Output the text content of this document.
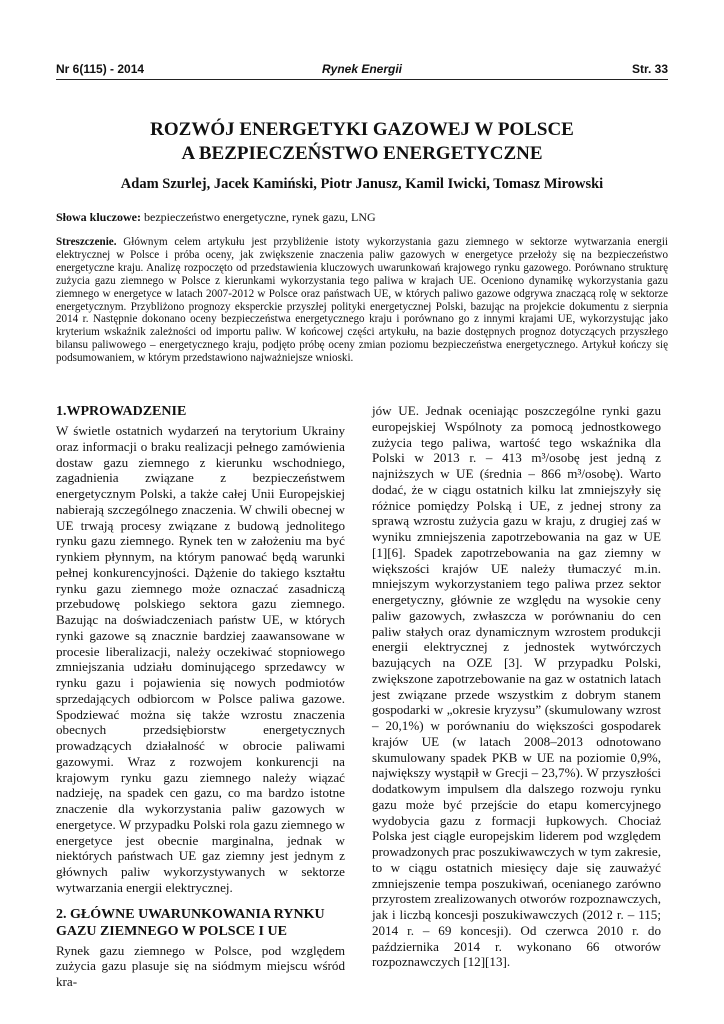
Nr 6(115) - 2014	Rynek Energii	Str. 33
ROZWÓJ ENERGETYKI GAZOWEJ W POLSCE
A BEZPIECZEŃSTWO ENERGETYCZNE
Adam Szurlej, Jacek Kamiński, Piotr Janusz, Kamil Iwicki, Tomasz Mirowski
Słowa kluczowe: bezpieczeństwo energetyczne, rynek gazu, LNG
Streszczenie. Głównym celem artykułu jest przybliżenie istoty wykorzystania gazu ziemnego w sektorze wytwarzania energii elektrycznej w Polsce i próba oceny, jak zwiększenie znaczenia paliw gazowych w energetyce przełoży się na bezpieczeństwo energetyczne kraju. Analizę rozpoczęto od przedstawienia kluczowych uwarunkowań krajowego rynku gazowego. Porównano strukturę zużycia gazu ziemnego w Polsce z kierunkami wykorzystania tego paliwa w krajach UE. Oceniono dynamikę wykorzystania gazu ziemnego w energetyce w latach 2007-2012 w Polsce oraz państwach UE, w których paliwo gazowe odgrywa znaczącą rolę w sektorze energetycznym. Przybliżono prognozy eksperckie przyszłej polityki energetycznej Polski, bazując na projekcie dokumentu z sierpnia 2014 r. Następnie dokonano oceny bezpieczeństwa energetycznego kraju i porównano go z innymi krajami UE, wykorzystując jako kryterium wskaźnik zależności od importu paliw. W końcowej części artykułu, na bazie dostępnych prognoz dotyczących przyszłego bilansu paliwowego – energetycznego kraju, podjęto próbę oceny zmian poziomu bezpieczeństwa energetycznego. Artykuł kończy się podsumowaniem, w którym przedstawiono najważniejsze wnioski.
1.WPROWADZENIE

W świetle ostatnich wydarzeń na terytorium Ukrainy oraz informacji o braku realizacji pełnego zamówienia dostaw gazu ziemnego z kierunku wschodniego, zagadnienia związane z bezpieczeństwem energetycznym Polski, a także całej Unii Europejskiej nabierają szczególnego znaczenia. W chwili obecnej w UE trwają procesy związane z budową jednolitego rynku gazu ziemnego. Rynek ten w założeniu ma być rynkiem płynnym, na którym panować będą warunki pełnej konkurencyjności. Dążenie do takiego kształtu rynku gazu ziemnego może oznaczać zasadniczą przebudowę polskiego sektora gazu ziemnego. Bazując na doświadczeniach państw UE, w których rynki gazowe są znacznie bardziej zaawansowane w procesie liberalizacji, należy oczekiwać stopniowego zmniejszania udziału dominującego sprzedawcy w rynku gazu i pojawienia się nowych podmiotów sprzedających odbiorcom w Polsce paliwa gazowe. Spodziewać można się także wzrostu znaczenia obecnych przedsiębiorstw energetycznych prowadzących działalność w obrocie paliwami gazowymi. Wraz z rozwojem konkurencji na krajowym rynku gazu ziemnego należy wiązać nadzieję, na spadek cen gazu, co ma bardzo istotne znaczenie dla wykorzystania paliw gazowych w energetyce. W przypadku Polski rola gazu ziemnego w energetyce jest obecnie marginalna, jednak w niektórych państwach UE gaz ziemny jest jednym z głównych paliw wykorzystywanych w sektorze wytwarzania energii elektrycznej.

2. GŁÓWNE UWARUNKOWANIA RYNKU GAZU ZIEMNEGO W POLSCE I UE

Rynek gazu ziemnego w Polsce, pod względem zużycia gazu plasuje się na siódmym miejscu wśród kra-

jów UE. Jednak oceniając poszczególne rynki gazu europejskiej Wspólnoty za pomocą jednostkowego zużycia tego paliwa, wartość tego wskaźnika dla Polski w 2013 r. – 413 m³/osobę jest jedną z najniższych w UE (średnia – 866 m³/osobę). Warto dodać, że w ciągu ostatnich kilku lat zmniejszyły się różnice pomiędzy Polską i UE, z jednej strony za sprawą wzrostu zużycia gazu w kraju, z drugiej zaś w wyniku zmniejszenia zapotrzebowania na gaz w UE [1][6]. Spadek zapotrzebowania na gaz ziemny w większości krajów UE należy tłumaczyć m.in. mniejszym wykorzystaniem tego paliwa przez sektor energetyczny, głównie ze względu na wysokie ceny paliw gazowych, zwłaszcza w porównaniu do cen paliw stałych oraz dynamicznym wzrostem produkcji energii elektrycznej z jednostek wytwórczych bazujących na OZE [3]. W przypadku Polski, zwiększone zapotrzebowanie na gaz w ostatnich latach jest związane przede wszystkim z dobrym stanem gospodarki w „okresie kryzysu” (skumulowany wzrost – 20,1%) w porównaniu do większości gospodarek krajów UE (w latach 2008–2013 odnotowano skumulowany spadek PKB w UE na poziomie 0,9%, największy wystąpił w Grecji – 23,7%). W przyszłości dodatkowym impulsem dla dalszego rozwoju rynku gazu może być przejście do etapu komercyjnego wydobycia gazu z formacji łupkowych. Chociaż Polska jest ciągle europejskim liderem pod względem prowadzonych prac poszukiwawczych w tym zakresie, to w ciągu ostatnich miesięcy daje się zauważyć zmniejszenie tempa poszukiwań, ocenianego zarówno przyrostem zrealizowanych otworów rozpoznawczych, jak i liczbą koncesji poszukiwawczych (2012 r. – 115; 2014 r. – 69 koncesji). Od czerwca 2010 r. do października 2014 r. wykonano 66 otworów rozpoznawczych [12][13].
